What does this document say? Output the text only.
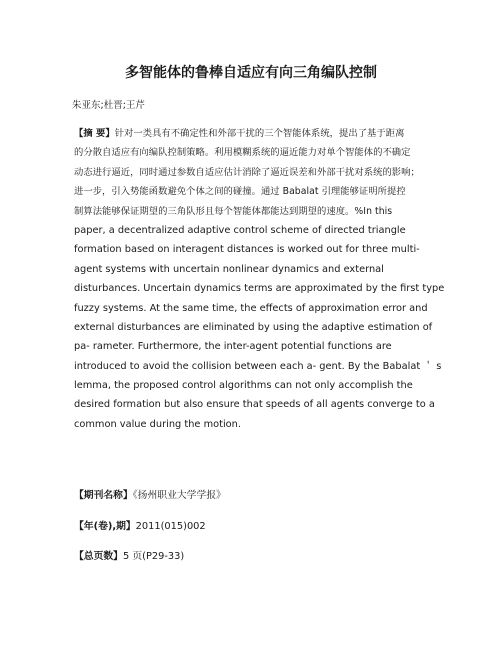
多智能体的鲁棒自适应有向三角编队控制
朱亚东;杜晋;王芹
【摘 要】针对一类具有不确定性和外部干扰的三个智能体系统，提出了基于距离
的分散自适应有向编队控制策略。利用模糊系统的逼近能力对单个智能体的不确定
动态进行逼近，同时通过参数自适应估计消除了逼近误差和外部干扰对系统的影响；
进一步，引入势能函数避免个体之间的碰撞。通过 Babalat 引理能够证明所提控
制算法能够保证期望的三角队形且每个智能体都能达到期望的速度。%In this
paper, a decentralized adaptive control scheme of directed triangle
formation based on interagent distances is worked out for three multi-
agent systems with uncertain nonlinear dynamics and external
disturbances. Uncertain dynamics terms are approximated by the first type
fuzzy systems. At the same time, the effects of approximation error and
external disturbances are eliminated by using the adaptive estimation of
pa- rameter. Furthermore, the inter-agent potential functions are
introduced to avoid the collision between each a- gent. By the Babalat ＇ s
lemma, the proposed control algorithms can not only accomplish the
desired formation but also ensure that speeds of all agents converge to a
common value during the motion.
【期刊名称】《扬州职业大学学报》
【年(卷),期】2011(015)002
【总页数】5 页(P29-33)
